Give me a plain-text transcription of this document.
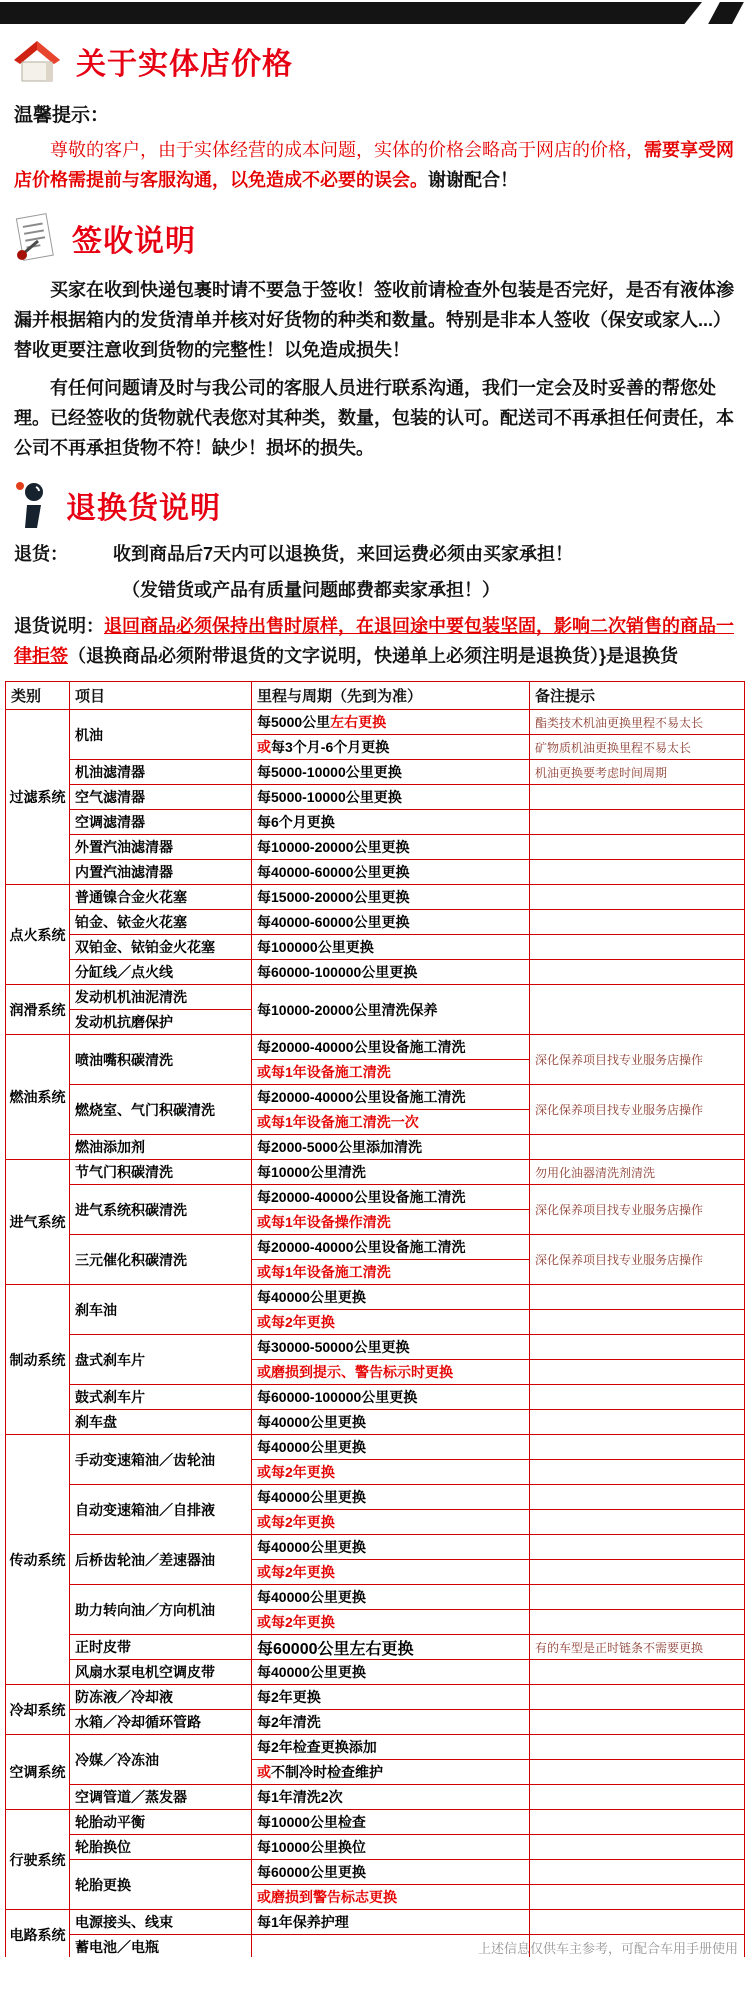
关于实体店价格
温馨提示：

尊敬的客户，由于实体经营的成本问题，实体的价格会略高于网店的价格，需要享受网店价格需提前与客服沟通，以免造成不必要的误会。谢谢配合！

签收说明

买家在收到快递包裹时请不要急于签收！签收前请检查外包装是否完好，是否有液体渗漏并根据箱内的发货清单并核对好货物的种类和数量。特别是非本人签收（保安或家人...）替收更要注意收到货物的完整性！以免造成损失！

有任何问题请及时与我公司的客服人员进行联系沟通，我们一定会及时妥善的帮您处理。已经签收的货物就代表您对其种类，数量，包装的认可。配送司不再承担任何责任，本公司不再承担货物不符！缺少！损坏的损失。

退换货说明

退货：　　　收到商品后7天内可以退换货，来回运费必须由买家承担！

（发错货或产品有质量问题邮费都卖家承担！）

退货说明：退回商品必须保持出售时原样，在退回途中要包装坚固，影响二次销售的商品一律拒签（退换商品必须附带退货的文字说明，快递单上必须注明是退换货）}是退换货

类别	项目	里程与周期（先到为准）	备注提示
过滤系统	机油	每5000公里左右更换	酯类技术机油更换里程不易太长
		或每3个月-6个月更换	矿物质机油更换里程不易太长
	机油滤清器	每5000-10000公里更换	机油更换要考虑时间周期
	空气滤清器	每5000-10000公里更换	
	空调滤清器	每6个月更换	
	外置汽油滤清器	每10000-20000公里更换	
	内置汽油滤清器	每40000-60000公里更换	
点火系统	普通镍合金火花塞	每15000-20000公里更换	
	铂金、铱金火花塞	每40000-60000公里更换	
	双铂金、铱铂金火花塞	每100000公里更换	
	分缸线／点火线	每60000-100000公里更换	
润滑系统	发动机机油泥清洗	每10000-20000公里清洗保养	
	发动机抗磨保护		
燃油系统	喷油嘴积碳清洗	每20000-40000公里设备施工清洗	深化保养项目找专业服务店操作
		或每1年设备施工清洗	
	燃烧室、气门积碳清洗	每20000-40000公里设备施工清洗	深化保养项目找专业服务店操作
		或每1年设备施工清洗一次	
	燃油添加剂	每2000-5000公里添加清洗	
进气系统	节气门积碳清洗	每10000公里清洗	勿用化油器清洗剂清洗
	进气系统积碳清洗	每20000-40000公里设备施工清洗	深化保养项目找专业服务店操作
		或每1年设备操作清洗	
	三元催化积碳清洗	每20000-40000公里设备施工清洗	深化保养项目找专业服务店操作
		或每1年设备施工清洗	
制动系统	刹车油	每40000公里更换	
		或每2年更换	
	盘式刹车片	每30000-50000公里更换	
		或磨损到提示、警告标示时更换	
	鼓式刹车片	每60000-100000公里更换	
	刹车盘	每40000公里更换	
传动系统	手动变速箱油／齿轮油	每40000公里更换	
		或每2年更换	
	自动变速箱油／自排液	每40000公里更换	
		或每2年更换	
	后桥齿轮油／差速器油	每40000公里更换	
		或每2年更换	
	助力转向油／方向机油	每40000公里更换	
		或每2年更换	
	正时皮带	每60000公里左右更换	有的车型是正时链条不需要更换
	风扇水泵电机空调皮带	每40000公里更换	
冷却系统	防冻液／冷却液	每2年更换	
	水箱／冷却循环管路	每2年清洗	
空调系统	冷媒／冷冻油	每2年检查更换添加	
		或不制冷时检查维护	
	空调管道／蒸发器	每1年清洗2次	
行驶系统	轮胎动平衡	每10000公里检查	
	轮胎换位	每10000公里换位	
	轮胎更换	每60000公里更换	
		或磨损到警告标志更换	
电路系统	电源接头、线束	每1年保养护理	
	蓄电池／电瓶			上述信息仅供车主参考，可配合车用手册使用
